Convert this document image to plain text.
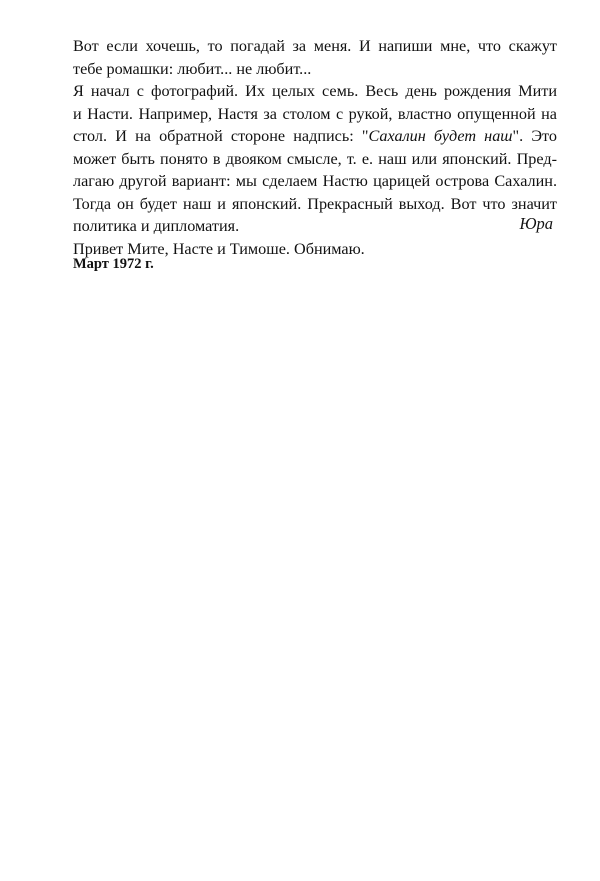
Вот если хочешь, то погадай за меня. И напиши мне, что скажут
тебе ромашки: любит... не любит...

Я начал с фотографий. Их целых семь. Весь день рождения Мити
и Насти. Например, Настя за столом с рукой, властно опущенной на
стол. И на обратной стороне надпись: "Сахалин будет наш". Это
может быть понято в двояком смысле, т. е. наш или японский. Пред-
лагаю другой вариант: мы сделаем Настю царицей острова Сахалин.
Тогда он будет наш и японский. Прекрасный выход. Вот что значит
политика и дипломатия.

Привет Мите, Насте и Тимоше. Обнимаю.

Юра
Март 1972 г.
